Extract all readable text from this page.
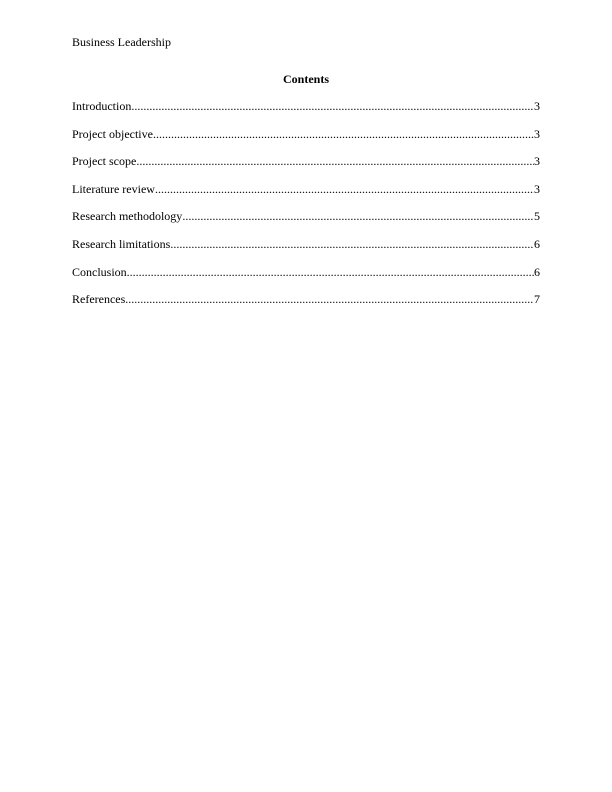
Business Leadership
Contents
Introduction .....	3
Project objective .....	3
Project scope .....	3
Literature review .....	3
Research methodology .....	5
Research limitations .....	6
Conclusion .....	6
References .....	7
